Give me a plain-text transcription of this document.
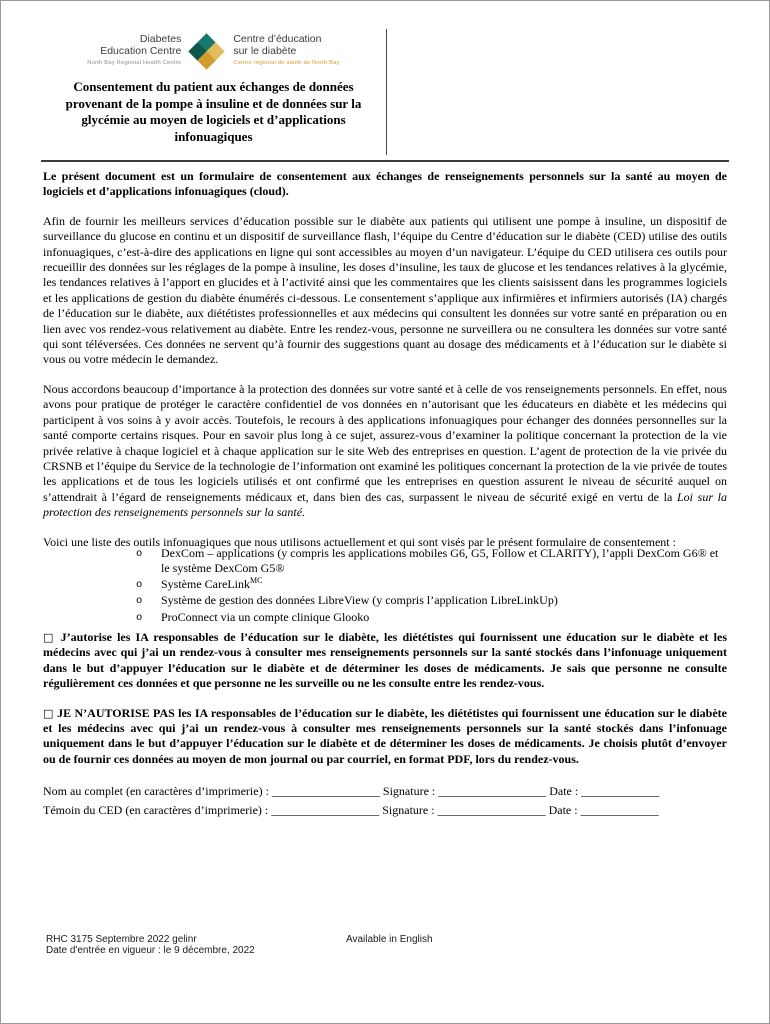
Diabetes
Education Centre
North Bay Regional Health Centre
Centre d’éducation
sur le diabète
Centre régional de santé de North Bay
Consentement du patient aux échanges de données provenant de la pompe à insuline et de données sur la glycémie au moyen de logiciels et d’applications infonuagiques

Le présent document est un formulaire de consentement aux échanges de renseignements personnels sur la santé au moyen de logiciels et d’applications infonuagiques (cloud).

Afin de fournir les meilleurs services d’éducation possible sur le diabète aux patients qui utilisent une pompe à insuline, un dispositif de surveillance du glucose en continu et un dispositif de surveillance flash, l’équipe du Centre d’éducation sur le diabète (CED) utilise des outils infonuagiques, c’est-à-dire des applications en ligne qui sont accessibles au moyen d’un navigateur. L’équipe du CED utilisera ces outils pour recueillir des données sur les réglages de la pompe à insuline, les doses d’insuline, les taux de glucose et les tendances relatives à la glycémie, les tendances relatives à l’apport en glucides et à l’activité ainsi que les commentaires que les clients saisissent dans les programmes logiciels et les applications de gestion du diabète énumérés ci-dessous. Le consentement s’applique aux infirmières et infirmiers autorisés (IA) chargés de l’éducation sur le diabète, aux diététistes professionnelles et aux médecins qui consultent les données sur votre santé en préparation ou en lien avec vos rendez-vous relativement au diabète. Entre les rendez-vous, personne ne surveillera ou ne consultera les données sur votre santé qui sont téléversées. Ces données ne servent qu’à fournir des suggestions quant au dosage des médicaments et à l’éducation sur le diabète si vous ou votre médecin le demandez.

Nous accordons beaucoup d’importance à la protection des données sur votre santé et à celle de vos renseignements personnels. En effet, nous avons pour pratique de protéger le caractère confidentiel de vos données en n’autorisant que les éducateurs en diabète et les médecins qui participent à vos soins à y avoir accès. Toutefois, le recours à des applications infonuagiques pour échanger des données personnelles sur la santé comporte certains risques. Pour en savoir plus long à ce sujet, assurez-vous d’examiner la politique concernant la protection de la vie privée relative à chaque logiciel et à chaque application sur le site Web des entreprises en question. L’agent de protection de la vie privée du CRSNB et l’équipe du Service de la technologie de l’information ont examiné les politiques concernant la protection de la vie privée de toutes les applications et de tous les logiciels utilisés et ont confirmé que les entreprises en question assurent le niveau de sécurité auquel on s’attendrait à l’égard de renseignements médicaux et, dans bien des cas, surpassent le niveau de sécurité exigé en vertu de la Loi sur la protection des renseignements personnels sur la santé.

Voici une liste des outils infonuagiques que nous utilisons actuellement et qui sont visés par le présent formulaire de consentement :

o	DexCom – applications (y compris les applications mobiles G6, G5, Follow et CLARITY), l’appli DexCom G6® et le système DexCom G5®
o	Système CareLink$^{MC}$
o	Système de gestion des données LibreView (y compris l’application LibreLinkUp)
o	ProConnect via un compte clinique Glooko

□ J’autorise les IA responsables de l’éducation sur le diabète, les diététistes qui fournissent une éducation sur le diabète et les médecins avec qui j’ai un rendez-vous à consulter mes renseignements personnels sur la santé stockés dans l’infonuage uniquement dans le but d’appuyer l’éducation sur le diabète et de déterminer les doses de médicaments. Je sais que personne ne consulte régulièrement ces données et que personne ne les surveille ou ne les consulte entre les rendez-vous.

□ JE N’AUTORISE PAS les IA responsables de l’éducation sur le diabète, les diététistes qui fournissent une éducation sur le diabète et les médecins avec qui j’ai un rendez-vous à consulter mes renseignements personnels sur la santé stockés dans l’infonuage uniquement dans le but d’appuyer l’éducation sur le diabète et de déterminer les doses de médicaments. Je choisis plutôt d’envoyer ou de fournir ces données au moyen de mon journal ou par courriel, en format PDF, lors du rendez-vous.

Nom au complet (en caractères d’imprimerie) : __________________ Signature : __________________ Date : _____________
Témoin du CED (en caractères d’imprimerie) : __________________ Signature : __________________ Date : _____________
RHC 3175 Septembre 2022 gelinr	Available in English
Date d'entrée en vigueur : le 9 décembre, 2022
